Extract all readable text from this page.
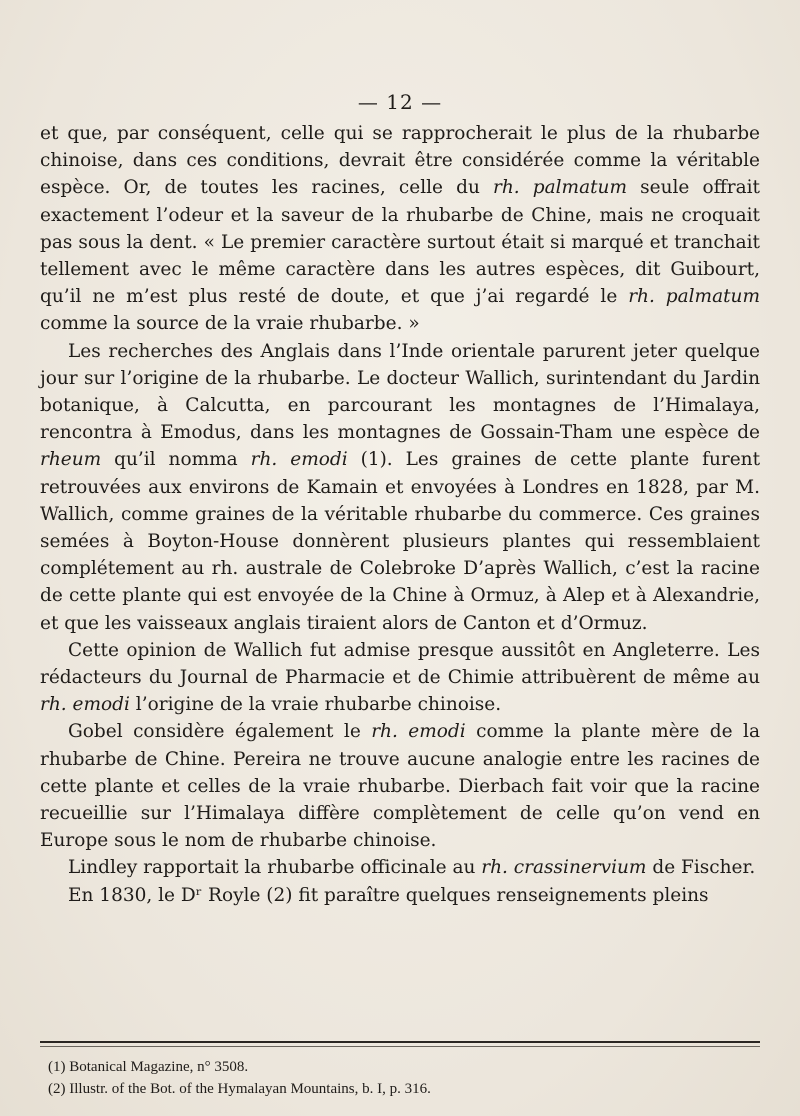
— 12 —

et que, par conséquent, celle qui se rapprocherait le plus de la rhubarbe chinoise, dans ces conditions, devrait être considérée comme la véritable espèce. Or, de toutes les racines, celle du rh. palmatum seule offrait exactement l’odeur et la saveur de la rhubarbe de Chine, mais ne croquait pas sous la dent. « Le premier caractère surtout était si marqué et tranchait tellement avec le même caractère dans les autres espèces, dit Guibourt, qu’il ne m’est plus resté de doute, et que j’ai regardé le rh. palmatum comme la source de la vraie rhubarbe. »

Les recherches des Anglais dans l’Inde orientale parurent jeter quelque jour sur l’origine de la rhubarbe. Le docteur Wallich, surintendant du Jardin botanique, à Calcutta, en parcourant les montagnes de l’Himalaya, rencontra à Emodus, dans les montagnes de Gossain-Tham une espèce de rheum qu’il nomma rh. emodi (1). Les graines de cette plante furent retrouvées aux environs de Kamain et envoyées à Londres en 1828, par M. Wallich, comme graines de la véritable rhubarbe du commerce. Ces graines semées à Boyton-House donnèrent plusieurs plantes qui ressemblaient complétement au rh. australe de Colebroke D’après Wallich, c’est la racine de cette plante qui est envoyée de la Chine à Ormuz, à Alep et à Alexandrie, et que les vaisseaux anglais tiraient alors de Canton et d’Ormuz.

Cette opinion de Wallich fut admise presque aussitôt en Angleterre. Les rédacteurs du Journal de Pharmacie et de Chimie attribuèrent de même au rh. emodi l’origine de la vraie rhubarbe chinoise.

Gobel considère également le rh. emodi comme la plante mère de la rhubarbe de Chine. Pereira ne trouve aucune analogie entre les racines de cette plante et celles de la vraie rhubarbe. Dierbach fait voir que la racine recueillie sur l’Himalaya diffère complètement de celle qu’on vend en Europe sous le nom de rhubarbe chinoise.

Lindley rapportait la rhubarbe officinale au rh. crassinervium de Fischer.

En 1830, le Dʳ Royle (2) fit paraître quelques renseignements pleins

(1) Botanical Magazine, n° 3508.

(2) Illustr. of the Bot. of the Hymalayan Mountains, b. I, p. 316.
